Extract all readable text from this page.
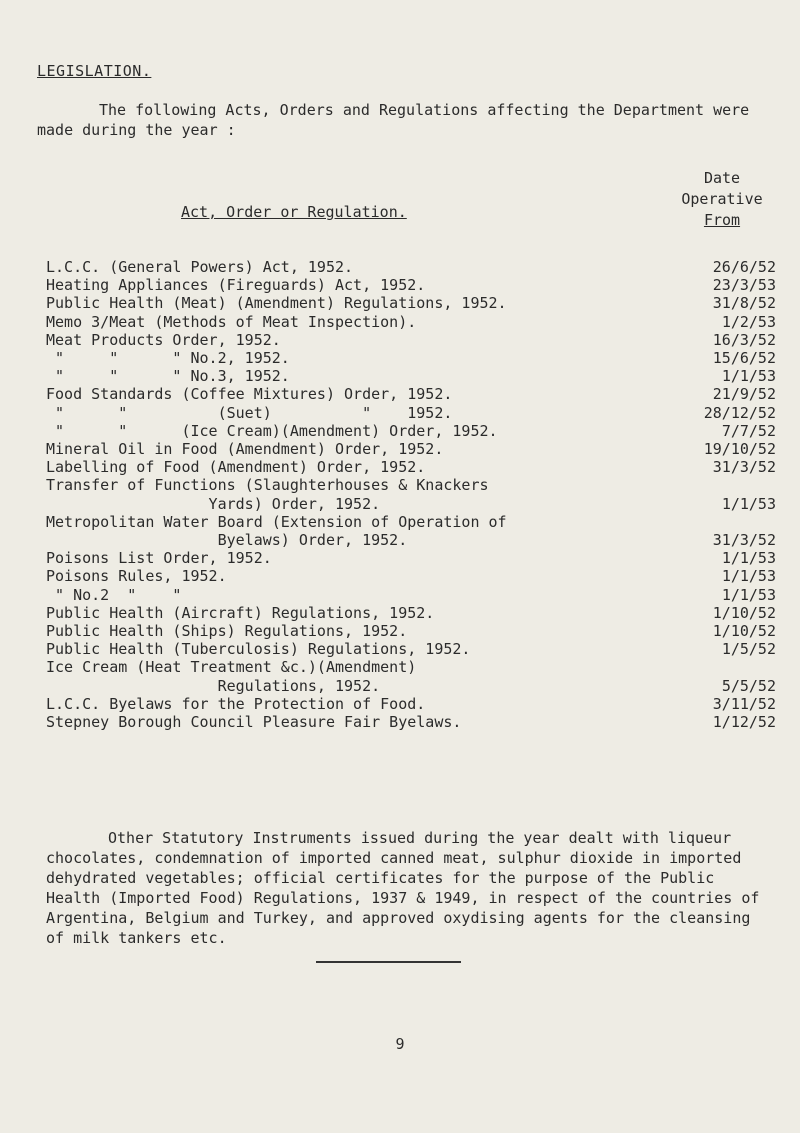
LEGISLATION.

The following Acts, Orders and Regulations affecting the Department were made during the year :

Act, Order or Regulation.
Date
Operative
From
L.C.C. (General Powers) Act, 1952.	26/6/52
Heating Appliances (Fireguards) Act, 1952.	23/3/53
Public Health (Meat) (Amendment) Regulations, 1952.	31/8/52
Memo 3/Meat (Methods of Meat Inspection).	1/2/53
Meat Products Order, 1952.	16/3/52
"     "      " No.2, 1952.	15/6/52
"     "      " No.3, 1952.	1/1/53
Food Standards (Coffee Mixtures) Order, 1952.	21/9/52
"      "          (Suet)          "    1952.	28/12/52
"      "      (Ice Cream)(Amendment) Order, 1952.	7/7/52
Mineral Oil in Food (Amendment) Order, 1952.	19/10/52
Labelling of Food (Amendment) Order, 1952.	31/3/52
Transfer of Functions (Slaughterhouses & Knackers
Yards) Order, 1952.	1/1/53
Metropolitan Water Board (Extension of Operation of
Byelaws) Order, 1952.	31/3/52
Poisons List Order, 1952.	1/1/53
Poisons Rules, 1952.	1/1/53
" No.2  "    "	1/1/53
Public Health (Aircraft) Regulations, 1952.	1/10/52
Public Health (Ships) Regulations, 1952.	1/10/52
Public Health (Tuberculosis) Regulations, 1952.	1/5/52
Ice Cream (Heat Treatment &c.)(Amendment)
Regulations, 1952.	5/5/52
L.C.C. Byelaws for the Protection of Food.	3/11/52
Stepney Borough Council Pleasure Fair Byelaws.	1/12/52

Other Statutory Instruments issued during the year dealt with liqueur chocolates, condemnation of imported canned meat, sulphur dioxide in imported dehydrated vegetables; official certificates for the purpose of the Public Health (Imported Food) Regulations, 1937 & 1949, in respect of the countries of Argentina, Belgium and Turkey, and approved oxydising agents for the cleansing of milk tankers etc.

9
